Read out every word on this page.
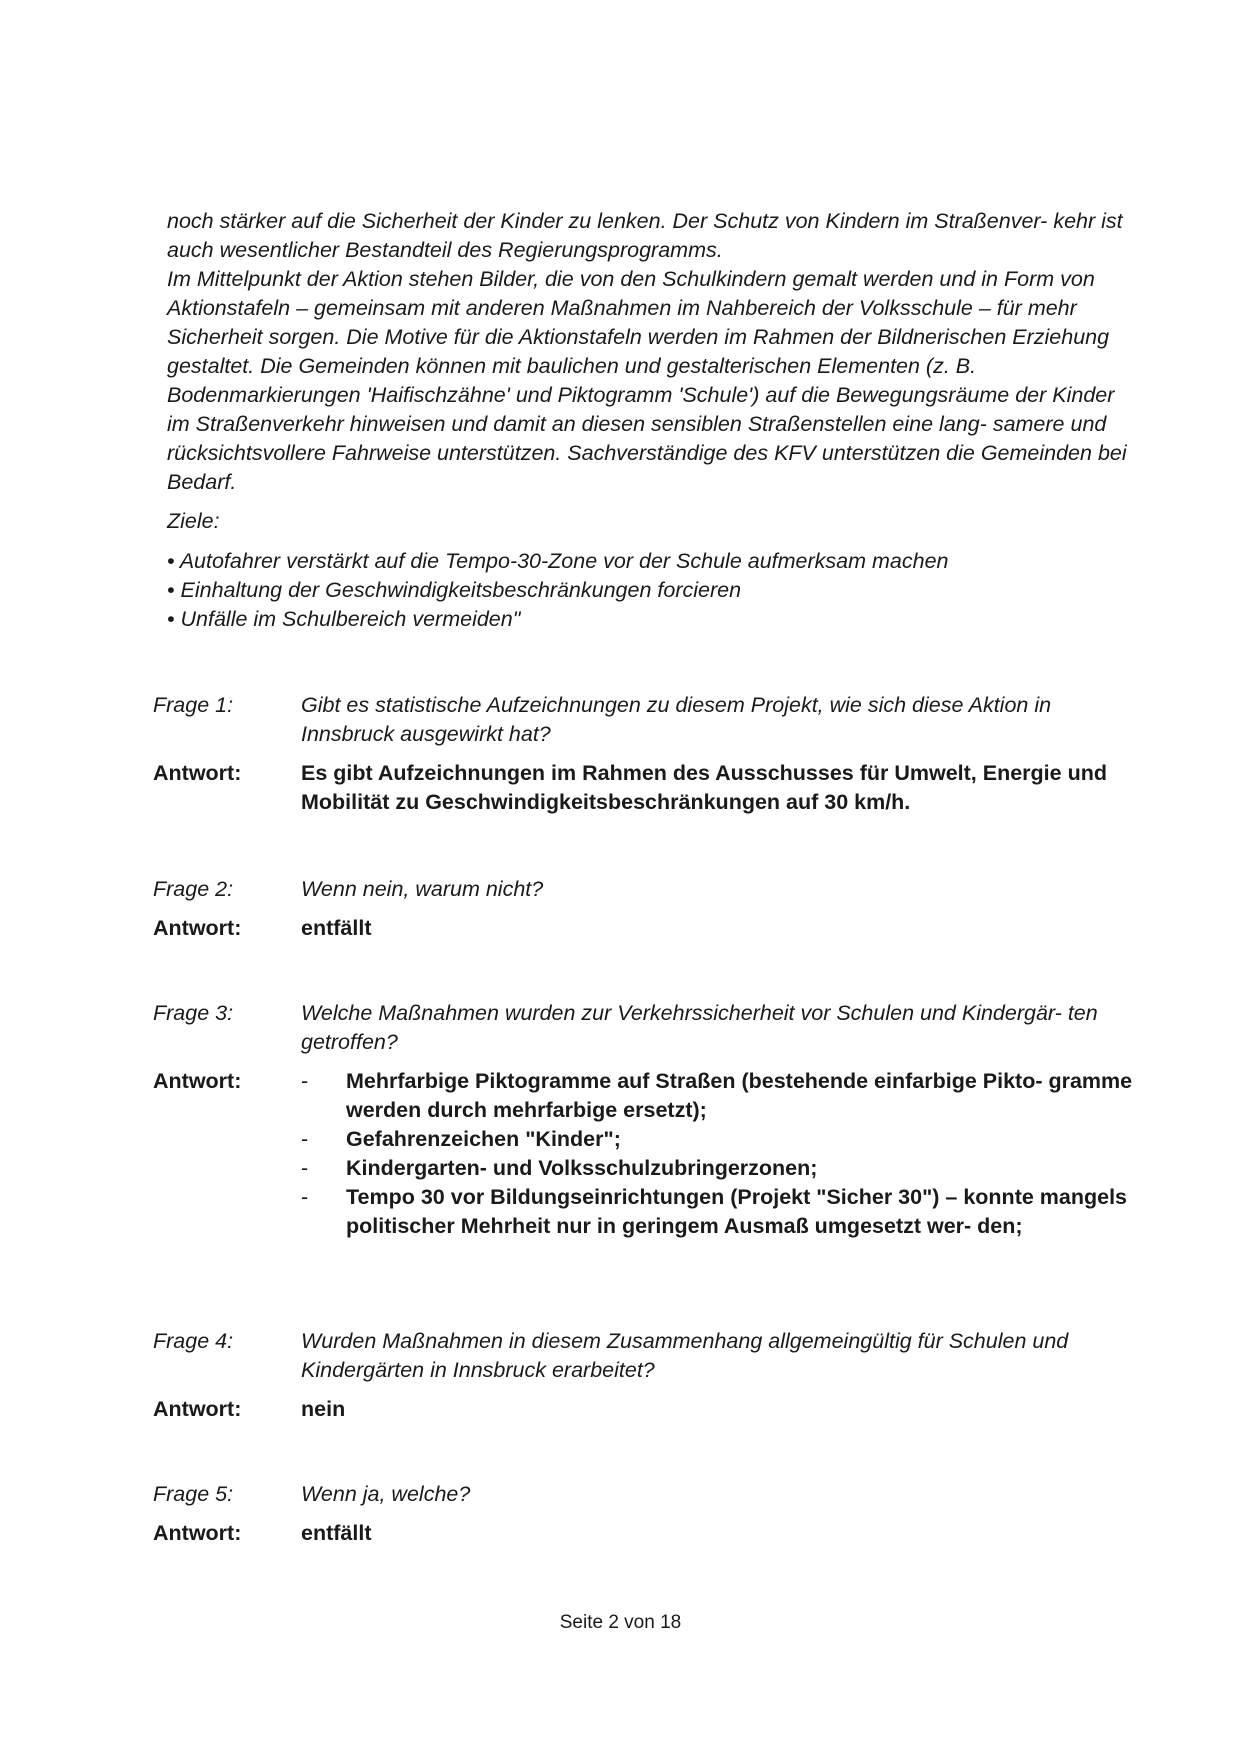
noch stärker auf die Sicherheit der Kinder zu lenken. Der Schutz von Kindern im Straßenver- kehr ist auch wesentlicher Bestandteil des Regierungsprogramms.

Im Mittelpunkt der Aktion stehen Bilder, die von den Schulkindern gemalt werden und in Form von Aktionstafeln – gemeinsam mit anderen Maßnahmen im Nahbereich der Volksschule – für mehr Sicherheit sorgen. Die Motive für die Aktionstafeln werden im Rahmen der Bildnerischen Erziehung gestaltet. Die Gemeinden können mit baulichen und gestalterischen Elementen (z. B. Bodenmarkierungen 'Haifischzähne' und Piktogramm 'Schule') auf die Bewegungsräume der Kinder im Straßenverkehr hinweisen und damit an diesen sensiblen Straßenstellen eine lang- samere und rücksichtsvollere Fahrweise unterstützen. Sachverständige des KFV unterstützen die Gemeinden bei Bedarf.

Ziele:

• Autofahrer verstärkt auf die Tempo-30-Zone vor der Schule aufmerksam machen
• Einhaltung der Geschwindigkeitsbeschränkungen forcieren
• Unfälle im Schulbereich vermeiden"
Frage 1:	Gibt es statistische Aufzeichnungen zu diesem Projekt, wie sich diese Aktion in Innsbruck ausgewirkt hat?
Antwort:	Es gibt Aufzeichnungen im Rahmen des Ausschusses für Umwelt, Energie und Mobilität zu Geschwindigkeitsbeschränkungen auf 30 km/h.
Frage 2:	Wenn nein, warum nicht?
Antwort:	entfällt
Frage 3:	Welche Maßnahmen wurden zur Verkehrssicherheit vor Schulen und Kindergär- ten getroffen?
Antwort:	-	Mehrfarbige Piktogramme auf Straßen (bestehende einfarbige Pikto- gramme werden durch mehrfarbige ersetzt);
-	Gefahrenzeichen "Kinder";
-	Kindergarten- und Volksschulzubringerzonen;
-	Tempo 30 vor Bildungseinrichtungen (Projekt "Sicher 30") – konnte mangels politischer Mehrheit nur in geringem Ausmaß umgesetzt wer- den;
Frage 4:	Wurden Maßnahmen in diesem Zusammenhang allgemeingültig für Schulen und Kindergärten in Innsbruck erarbeitet?
Antwort:	nein
Frage 5:	Wenn ja, welche?
Antwort:	entfällt
Seite 2 von 18
